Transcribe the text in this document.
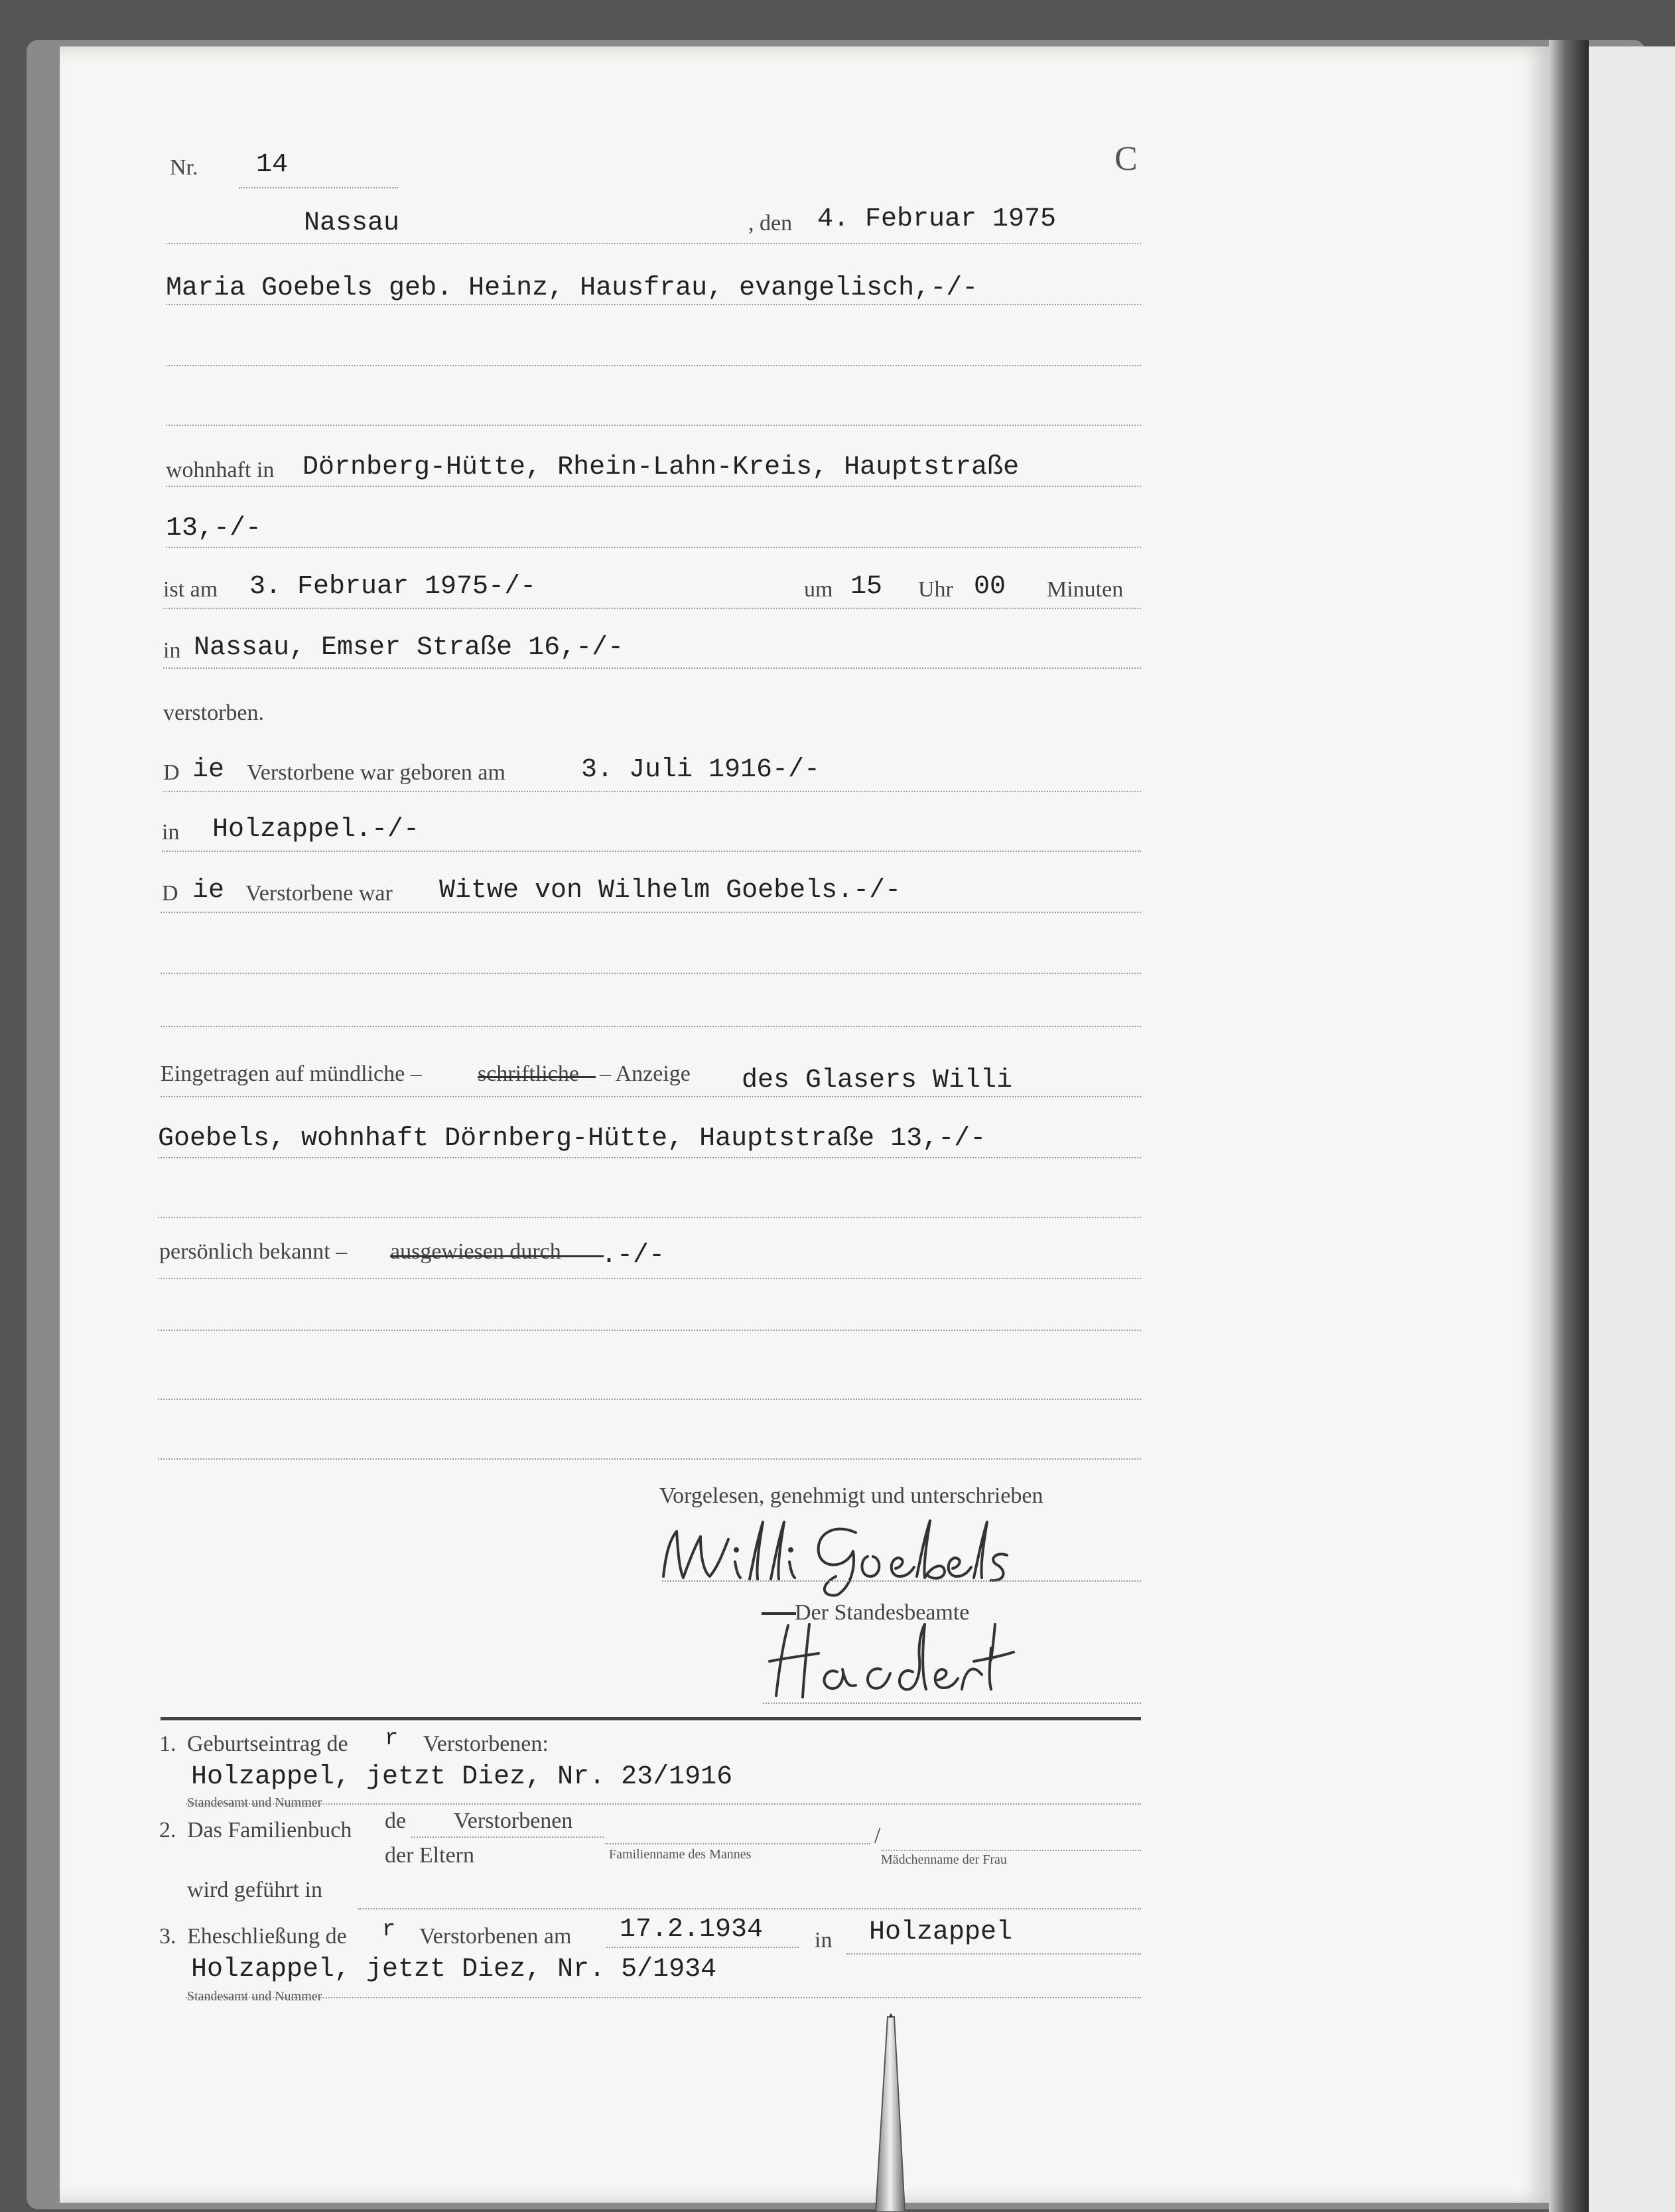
Nr. 14	C
Nassau	, den 4. Februar 1975
Maria Goebels geb. Heinz, Hausfrau, evangelisch,-/-
wohnhaft in Dörnberg-Hütte, Rhein-Lahn-Kreis, Hauptstraße
13,-/-
ist am 3. Februar 1975-/-	um 15 Uhr 00 Minuten
in Nassau, Emser Straße 16,-/-
verstorben.
D ie Verstorbene war geboren am	3. Juli 1916-/-
in Holzappel.-/-
D ie Verstorbene war Witwe von Wilhelm Goebels.-/-
Eingetragen auf mündliche – schriftliche – Anzeige des Glasers Willi
Goebels, wohnhaft Dörnberg-Hütte, Hauptstraße 13,-/-
persönlich bekannt – ausgewiesen durch .-/-
Vorgelesen, genehmigt und unterschrieben
Der Standesbeamte
1. Geburtseintrag de r Verstorbenen:
Holzappel, jetzt Diez, Nr. 23/1916
Standesamt und Nummer
2. Das Familienbuch de Verstorbenen
der Eltern	Familienname des Mannes
/
Mädchenname der Frau
wird geführt in
3. Eheschließung de r Verstorbenen am 17.2.1934 in Holzappel
Holzappel, jetzt Diez, Nr. 5/1934
Standesamt und Nummer
